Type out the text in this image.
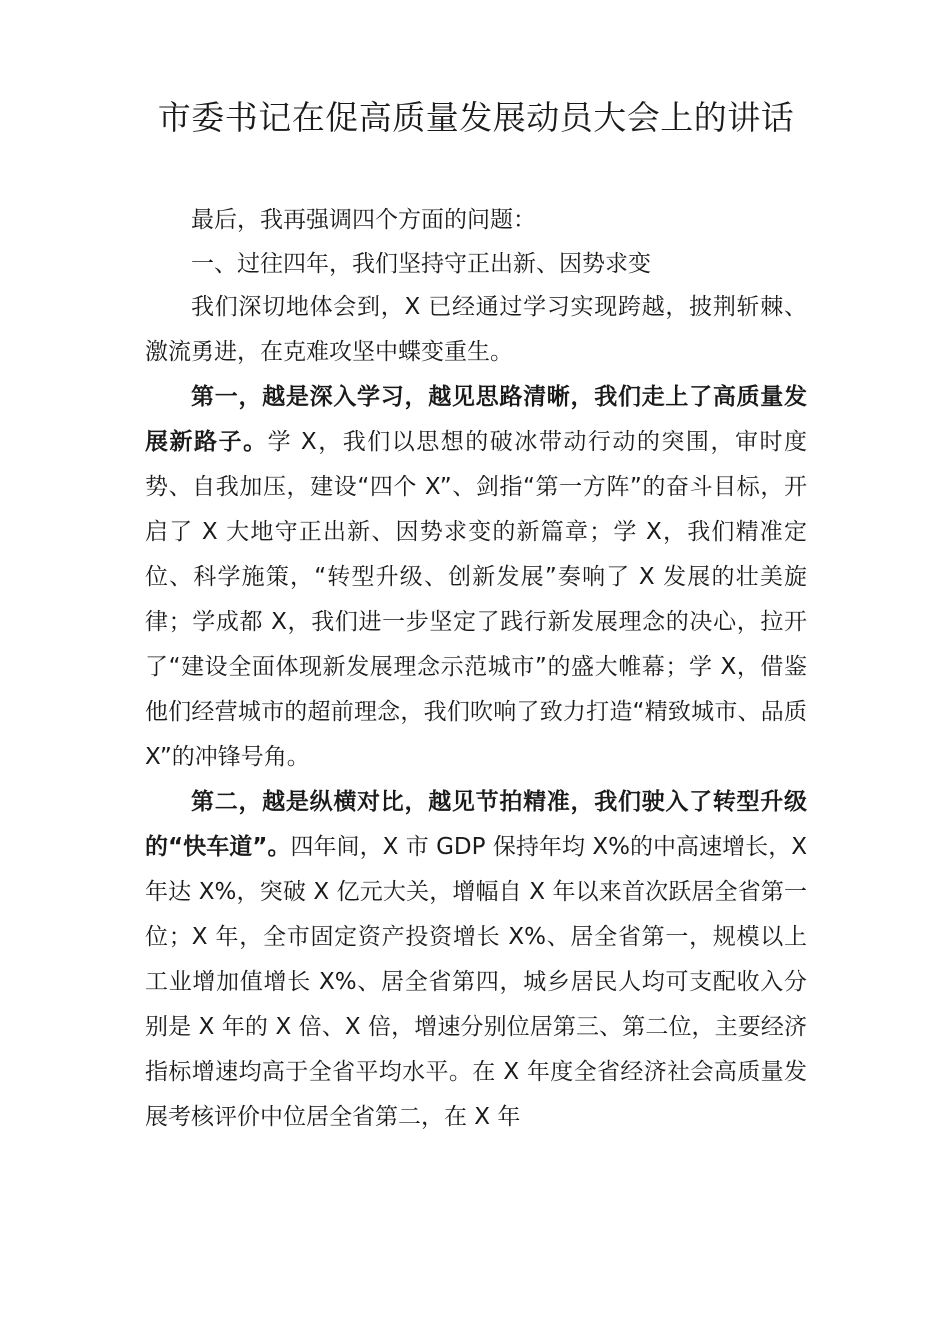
市委书记在促高质量发展动员大会上的讲话

最后，我再强调四个方面的问题：

一、过往四年，我们坚持守正出新、因势求变

我们深切地体会到，X 已经通过学习实现跨越，披荆斩棘、激流勇进，在克难攻坚中蝶变重生。

第一，越是深入学习，越见思路清晰，我们走上了高质量发展新路子。学 X，我们以思想的破冰带动行动的突围，审时度势、自我加压，建设“四个 X”、剑指“第一方阵”的奋斗目标，开启了 X 大地守正出新、因势求变的新篇章；学 X，我们精准定位、科学施策，“转型升级、创新发展”奏响了 X 发展的壮美旋律；学成都 X，我们进一步坚定了践行新发展理念的决心，拉开了“建设全面体现新发展理念示范城市”的盛大帷幕；学 X，借鉴他们经营城市的超前理念，我们吹响了致力打造“精致城市、品质 X”的冲锋号角。

第二，越是纵横对比，越见节拍精准，我们驶入了转型升级的“快车道”。四年间，X 市 GDP 保持年均 X%的中高速增长，X 年达 X%，突破 X 亿元大关，增幅自 X 年以来首次跃居全省第一位；X 年，全市固定资产投资增长 X%、居全省第一，规模以上工业增加值增长 X%、居全省第四，城乡居民人均可支配收入分别是 X 年的 X 倍、X 倍，增速分别位居第三、第二位，主要经济指标增速均高于全省平均水平。在 X 年度全省经济社会高质量发展考核评价中位居全省第二，在 X 年
